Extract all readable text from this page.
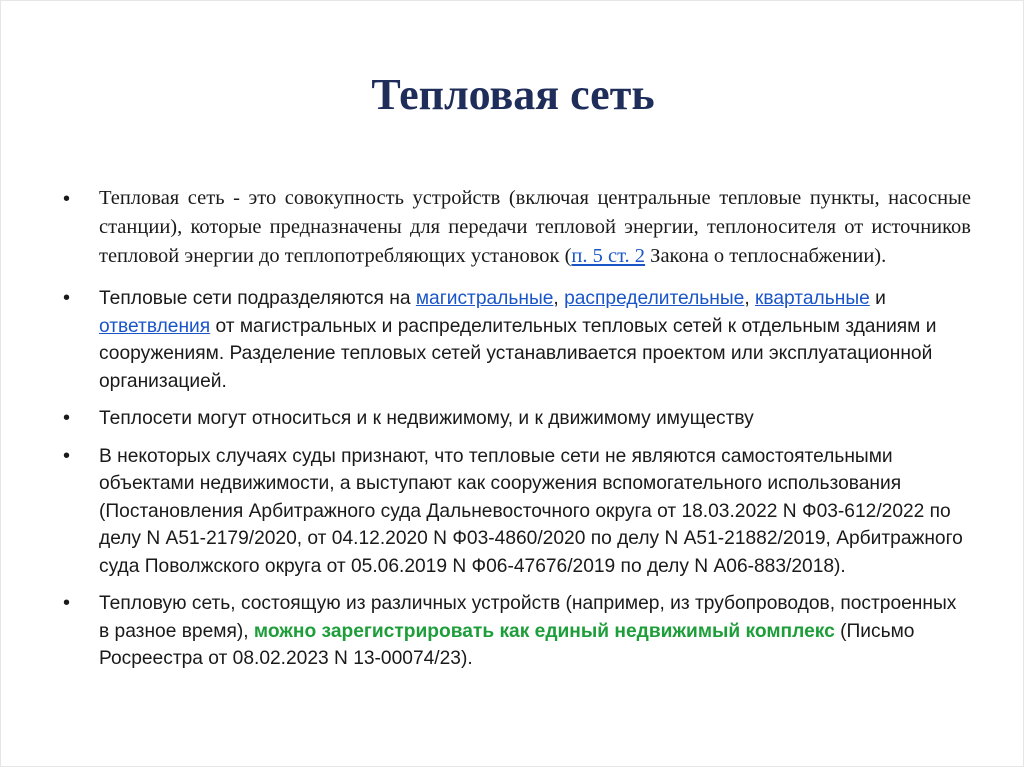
Тепловая сеть
• Тепловая сеть - это совокупность устройств (включая центральные тепловые пункты, насосные станции), которые предназначены для передачи тепловой энергии, теплоносителя от источников тепловой энергии до теплопотребляющих установок (п. 5 ст. 2 Закона о теплоснабжении).
• Тепловые сети подразделяются на магистральные, распределительные, квартальные и ответвления от магистральных и распределительных тепловых сетей к отдельным зданиям и сооружениям. Разделение тепловых сетей устанавливается проектом или эксплуатационной организацией.
• Теплосети могут относиться и к недвижимому, и к движимому имуществу
• В некоторых случаях суды признают, что тепловые сети не являются самостоятельными объектами недвижимости, а выступают как сооружения вспомогательного использования (Постановления Арбитражного суда Дальневосточного округа от 18.03.2022 N Ф03-612/2022 по делу N А51-2179/2020, от 04.12.2020 N Ф03-4860/2020 по делу N А51-21882/2019, Арбитражного суда Поволжского округа от 05.06.2019 N Ф06-47676/2019 по делу N А06-883/2018).
• Тепловую сеть, состоящую из различных устройств (например, из трубопроводов, построенных в разное время), можно зарегистрировать как единый недвижимый комплекс (Письмо Росреестра от 08.02.2023 N 13-00074/23).
